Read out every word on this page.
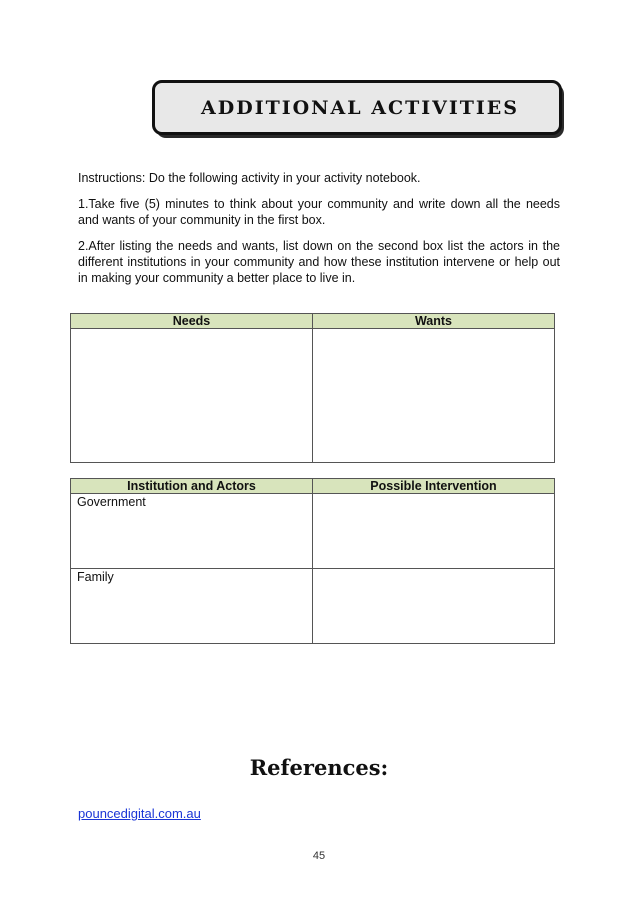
ADDITIONAL ACTIVITIES

Instructions: Do the following activity in your activity notebook.

1.Take five (5) minutes to think about your community and write down all the needs and wants of your community in the first box.

2.After listing the needs and wants, list down on the second box list the actors in the different institutions in your community and how these institution intervene or help out in making your community a better place to live in.

Needs	Wants

Institution and Actors	Possible Intervention
Government	
Family	
References:
pouncedigital.com.au
45
